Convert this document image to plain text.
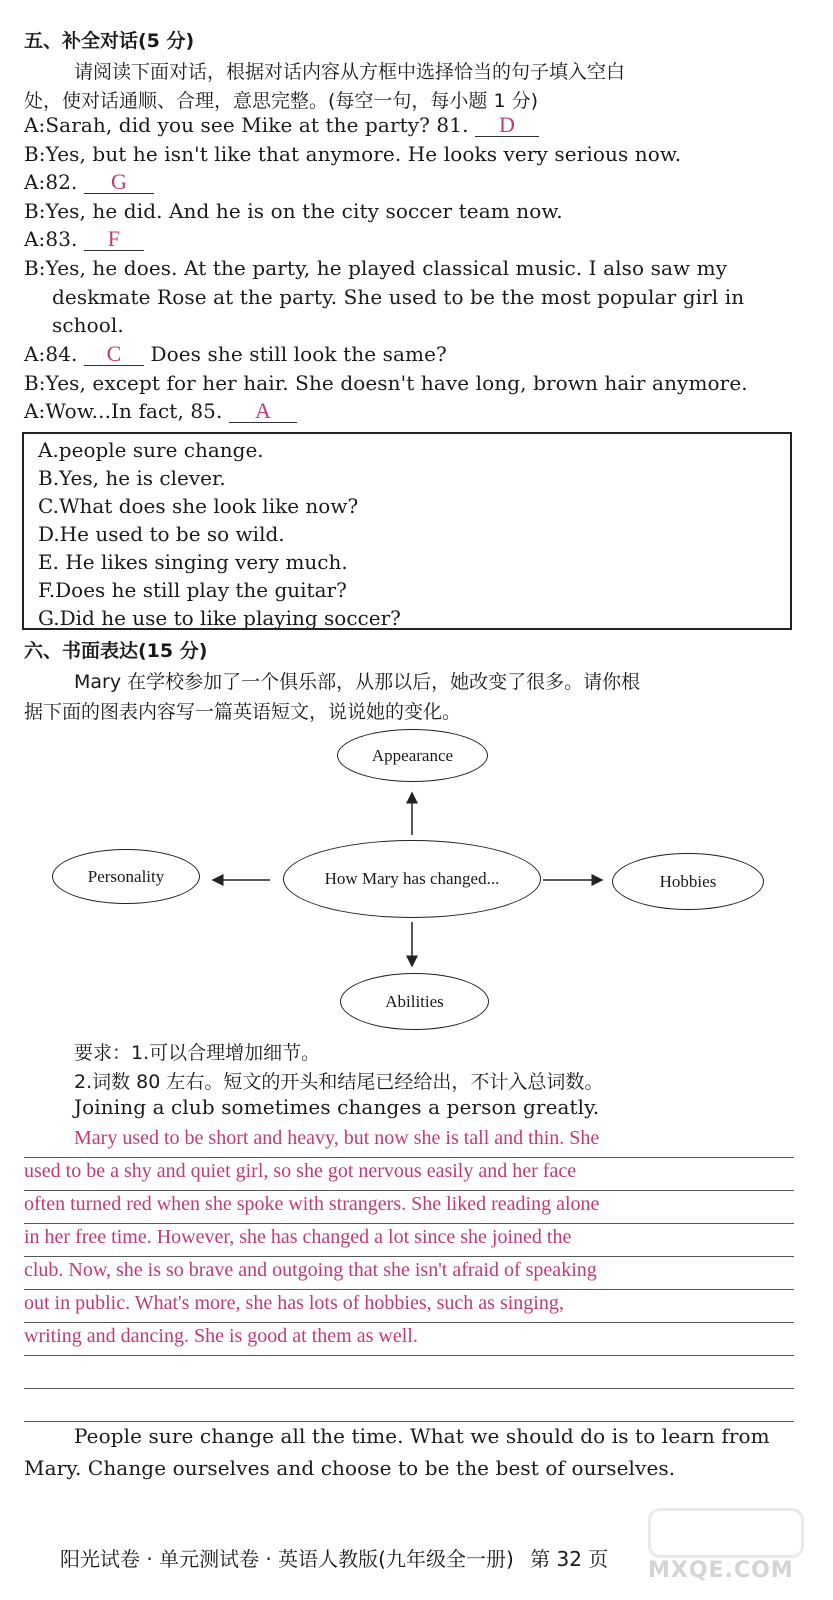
五、补全对话(5 分)
请阅读下面对话，根据对话内容从方框中选择恰当的句子填入空白
处，使对话通顺、合理，意思完整。(每空一句，每小题 1 分)
A:Sarah, did you see Mike at the party? 81. D
B:Yes, but he isn't like that anymore. He looks very serious now.
A:82. G
B:Yes, he did. And he is on the city soccer team now.
A:83. F
B:Yes, he does. At the party, he played classical music. I also saw my
deskmate Rose at the party. She used to be the most popular girl in
school.
A:84. C Does she still look the same?
B:Yes, except for her hair. She doesn't have long, brown hair anymore.
A:Wow...In fact, 85. A
A.people sure change.
B.Yes, he is clever.
C.What does she look like now?
D.He used to be so wild.
E. He likes singing very much.
F.Does he still play the guitar?
G.Did he use to like playing soccer?
六、书面表达(15 分)
Mary 在学校参加了一个俱乐部，从那以后，她改变了很多。请你根
据下面的图表内容写一篇英语短文，说说她的变化。
Appearance
How Mary has changed...
Personality	Hobbies
Abilities
要求：1.可以合理增加细节。
2.词数 80 左右。短文的开头和结尾已经给出，不计入总词数。
Joining a club sometimes changes a person greatly.
Mary used to be short and heavy, but now she is tall and thin. She
used to be a shy and quiet girl, so she got nervous easily and her face
often turned red when she spoke with strangers. She liked reading alone
in her free time. However, she has changed a lot since she joined the
club. Now, she is so brave and outgoing that she isn't afraid of speaking
out in public. What's more, she has lots of hobbies, such as singing,
writing and dancing. She is good at them as well.
People sure change all the time. What we should do is to learn from
Mary. Change ourselves and choose to be the best of ourselves.
阳光试卷 · 单元测试卷 · 英语人教版(九年级全一册) 第 32 页 MXQE.COM
